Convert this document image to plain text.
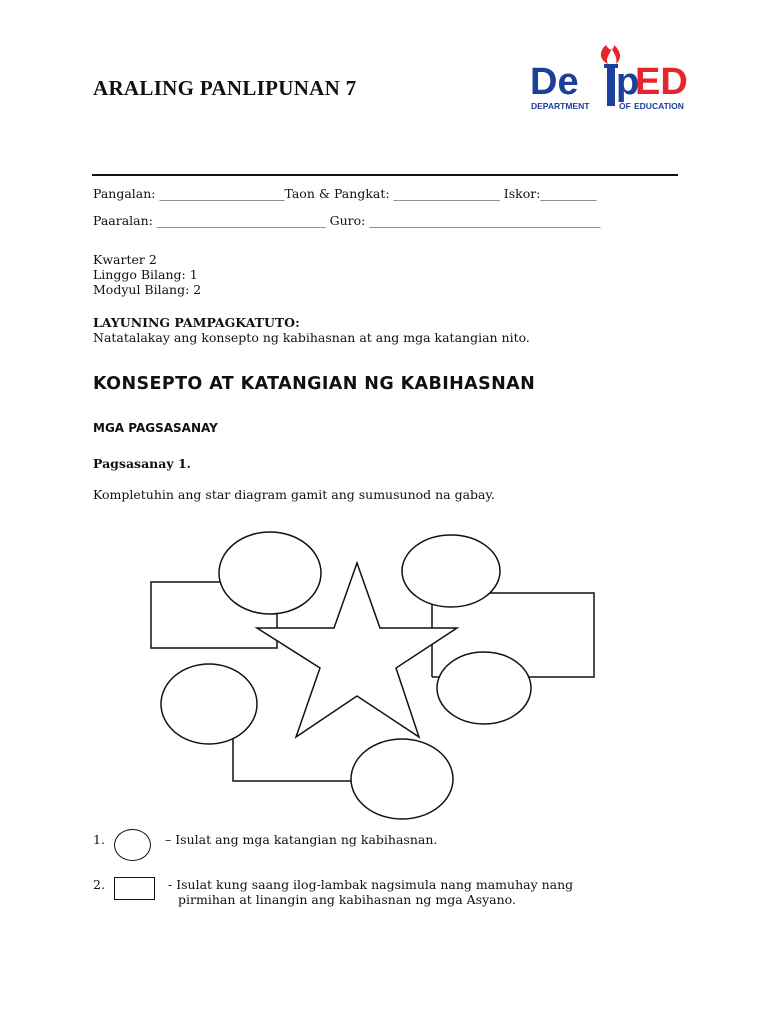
ARALING PANLIPUNAN 7	De p
ED
DEPARTMENT	OF EDUCATION
Pangalan: ____________________Taon & Pangkat: _________________ Iskor:_________
Paaralan: ___________________________ Guro: _____________________________________
Kwarter 2
Linggo Bilang: 1
Modyul Bilang: 2
LAYUNING PAMPAGKATUTO:
Natatalakay ang konsepto ng kabihasnan at ang mga katangian nito.
KONSEPTO AT KATANGIAN NG KABIHASNAN
MGA PAGSASANAY
Pagsasanay 1.
Kompletuhin ang star diagram gamit ang sumusunod na gabay.
1.	– Isulat ang mga katangian ng kabihasnan.
2.	- Isulat kung saang ilog-lambak nagsimula nang mamuhay nang
pirmihan at linangin ang kabihasnan ng mga Asyano.
